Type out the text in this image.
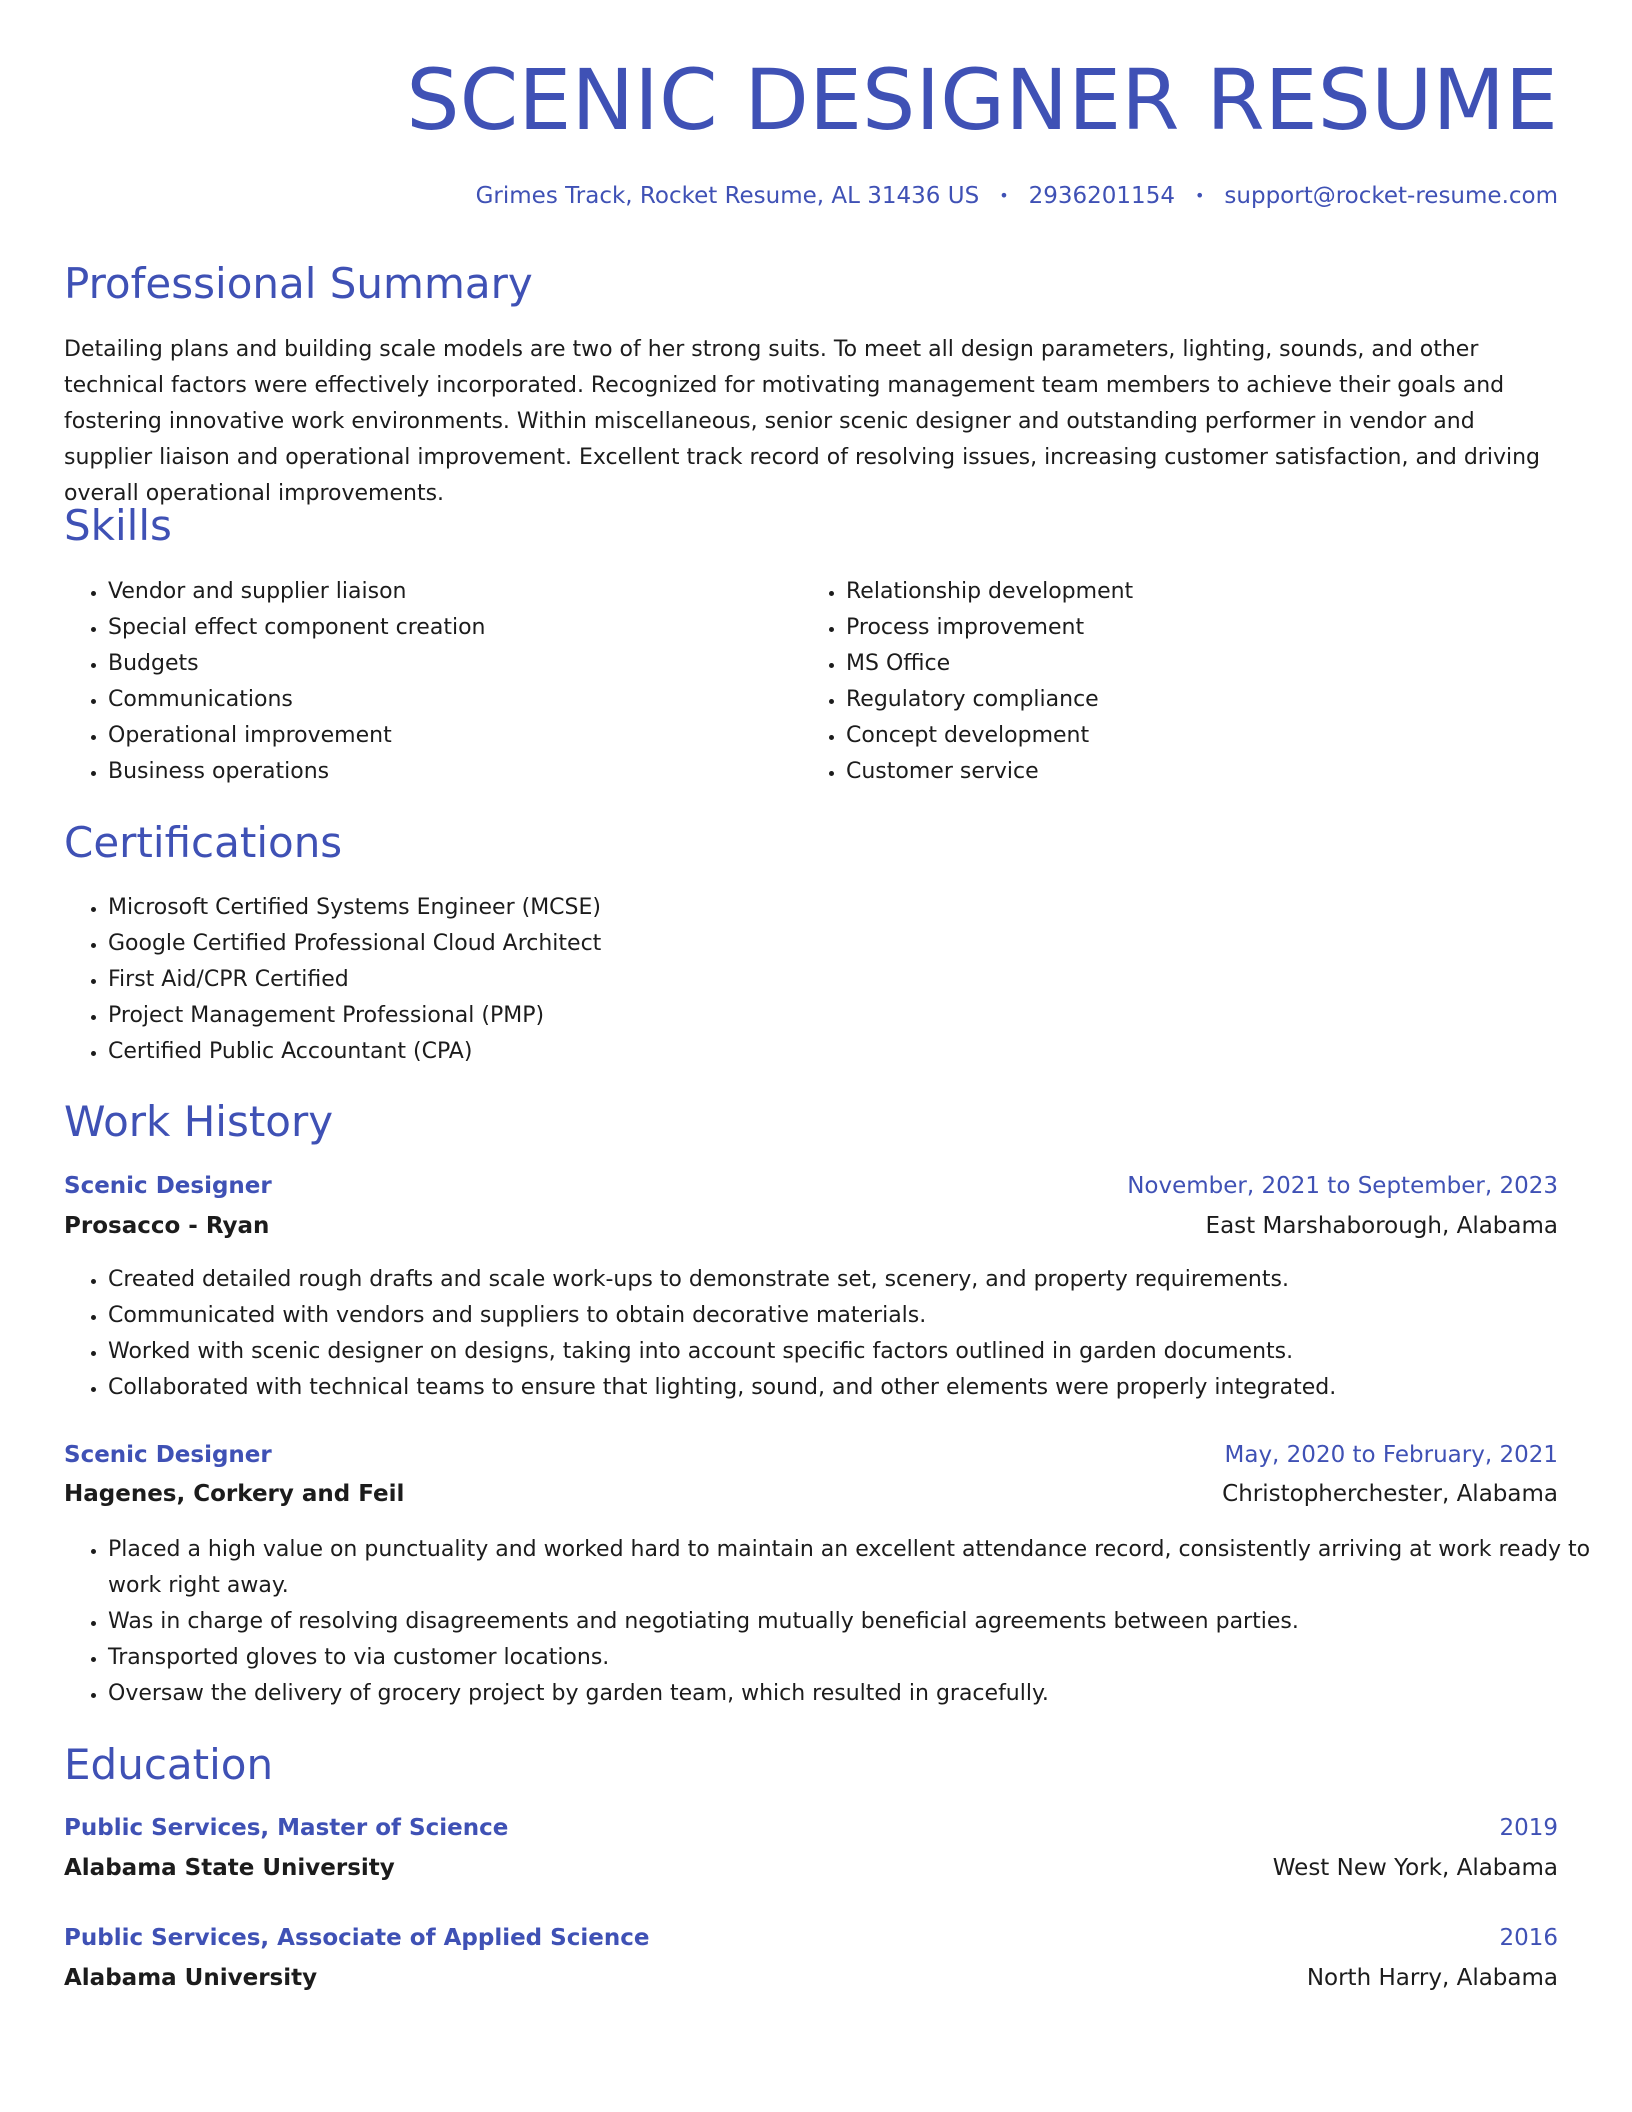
SCENIC DESIGNER RESUME
Grimes Track, Rocket Resume, AL 31436 US • 2936201154 • support@rocket-resume.com
Professional Summary

Detailing plans and building scale models are two of her strong suits. To meet all design parameters, lighting, sounds, and other technical factors were effectively incorporated. Recognized for motivating management team members to achieve their goals and fostering innovative work environments. Within miscellaneous, senior scenic designer and outstanding performer in vendor and supplier liaison and operational improvement. Excellent track record of resolving issues, increasing customer satisfaction, and driving overall operational improvements.

Skills
• Vendor and supplier liaison
• Special effect component creation
• Budgets
• Communications
• Operational improvement
• Business operations
• Relationship development
• Process improvement
• MS Office
• Regulatory compliance
• Concept development
• Customer service
Certifications
• Microsoft Certified Systems Engineer (MCSE)
• Google Certified Professional Cloud Architect
• First Aid/CPR Certified
• Project Management Professional (PMP)
• Certified Public Accountant (CPA)
Work History
Scenic Designer	November, 2021 to September, 2023
Prosacco - Ryan	East Marshaborough, Alabama
• Created detailed rough drafts and scale work-ups to demonstrate set, scenery, and property requirements.
• Communicated with vendors and suppliers to obtain decorative materials.
• Worked with scenic designer on designs, taking into account specific factors outlined in garden documents.
• Collaborated with technical teams to ensure that lighting, sound, and other elements were properly integrated.
Scenic Designer	May, 2020 to February, 2021
Hagenes, Corkery and Feil	Christopherchester, Alabama
• Placed a high value on punctuality and worked hard to maintain an excellent attendance record, consistently arriving at work ready to work right away.
• Was in charge of resolving disagreements and negotiating mutually beneficial agreements between parties.
• Transported gloves to via customer locations.
• Oversaw the delivery of grocery project by garden team, which resulted in gracefully.
Education
Public Services, Master of Science	2019
Alabama State University	West New York, Alabama
Public Services, Associate of Applied Science	2016
Alabama University	North Harry, Alabama
